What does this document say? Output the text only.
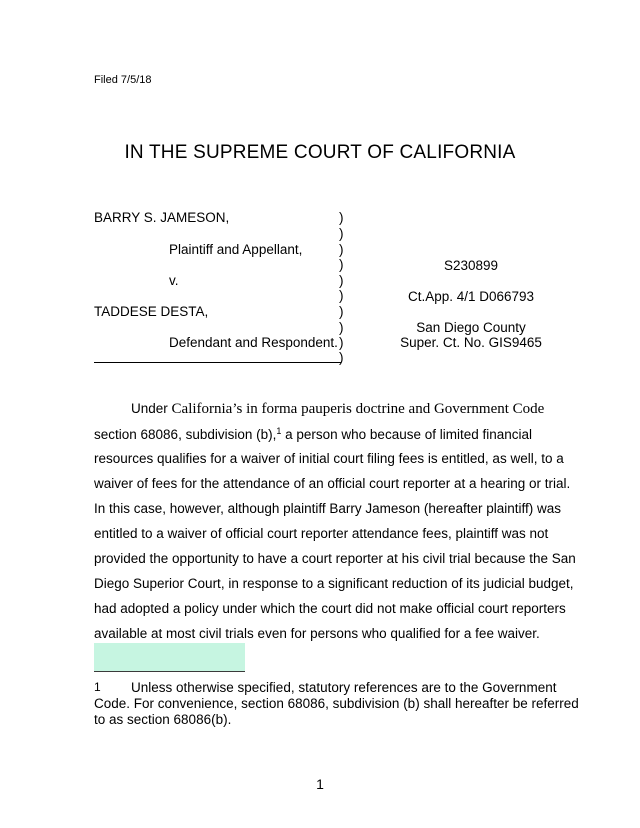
Filed 7/5/18
IN THE SUPREME COURT OF CALIFORNIA
BARRY S. JAMESON,
Plaintiff and Appellant,
v.
TADDESE DESTA,
Defendant and Respondent.
)
)
)
)
)
)
)
)
)
)
S230899
Ct.App. 4/1 D066793
San Diego County
Super. Ct. No. GIS9465
Under California’s in forma pauperis doctrine and Government Code
section 68086, subdivision (b),$^1$ a person who because of limited financial
resources qualifies for a waiver of initial court filing fees is entitled, as well, to a
waiver of fees for the attendance of an official court reporter at a hearing or trial.
In this case, however, although plaintiff Barry Jameson (hereafter plaintiff) was
entitled to a waiver of official court reporter attendance fees, plaintiff was not
provided the opportunity to have a court reporter at his civil trial because the San
Diego Superior Court, in response to a significant reduction of its judicial budget,
had adopted a policy under which the court did not make official court reporters
available at most civil trials even for persons who qualified for a fee waiver.
1 Unless otherwise specified, statutory references are to the Government
Code. For convenience, section 68086, subdivision (b) shall hereafter be referred
to as section 68086(b).
1
